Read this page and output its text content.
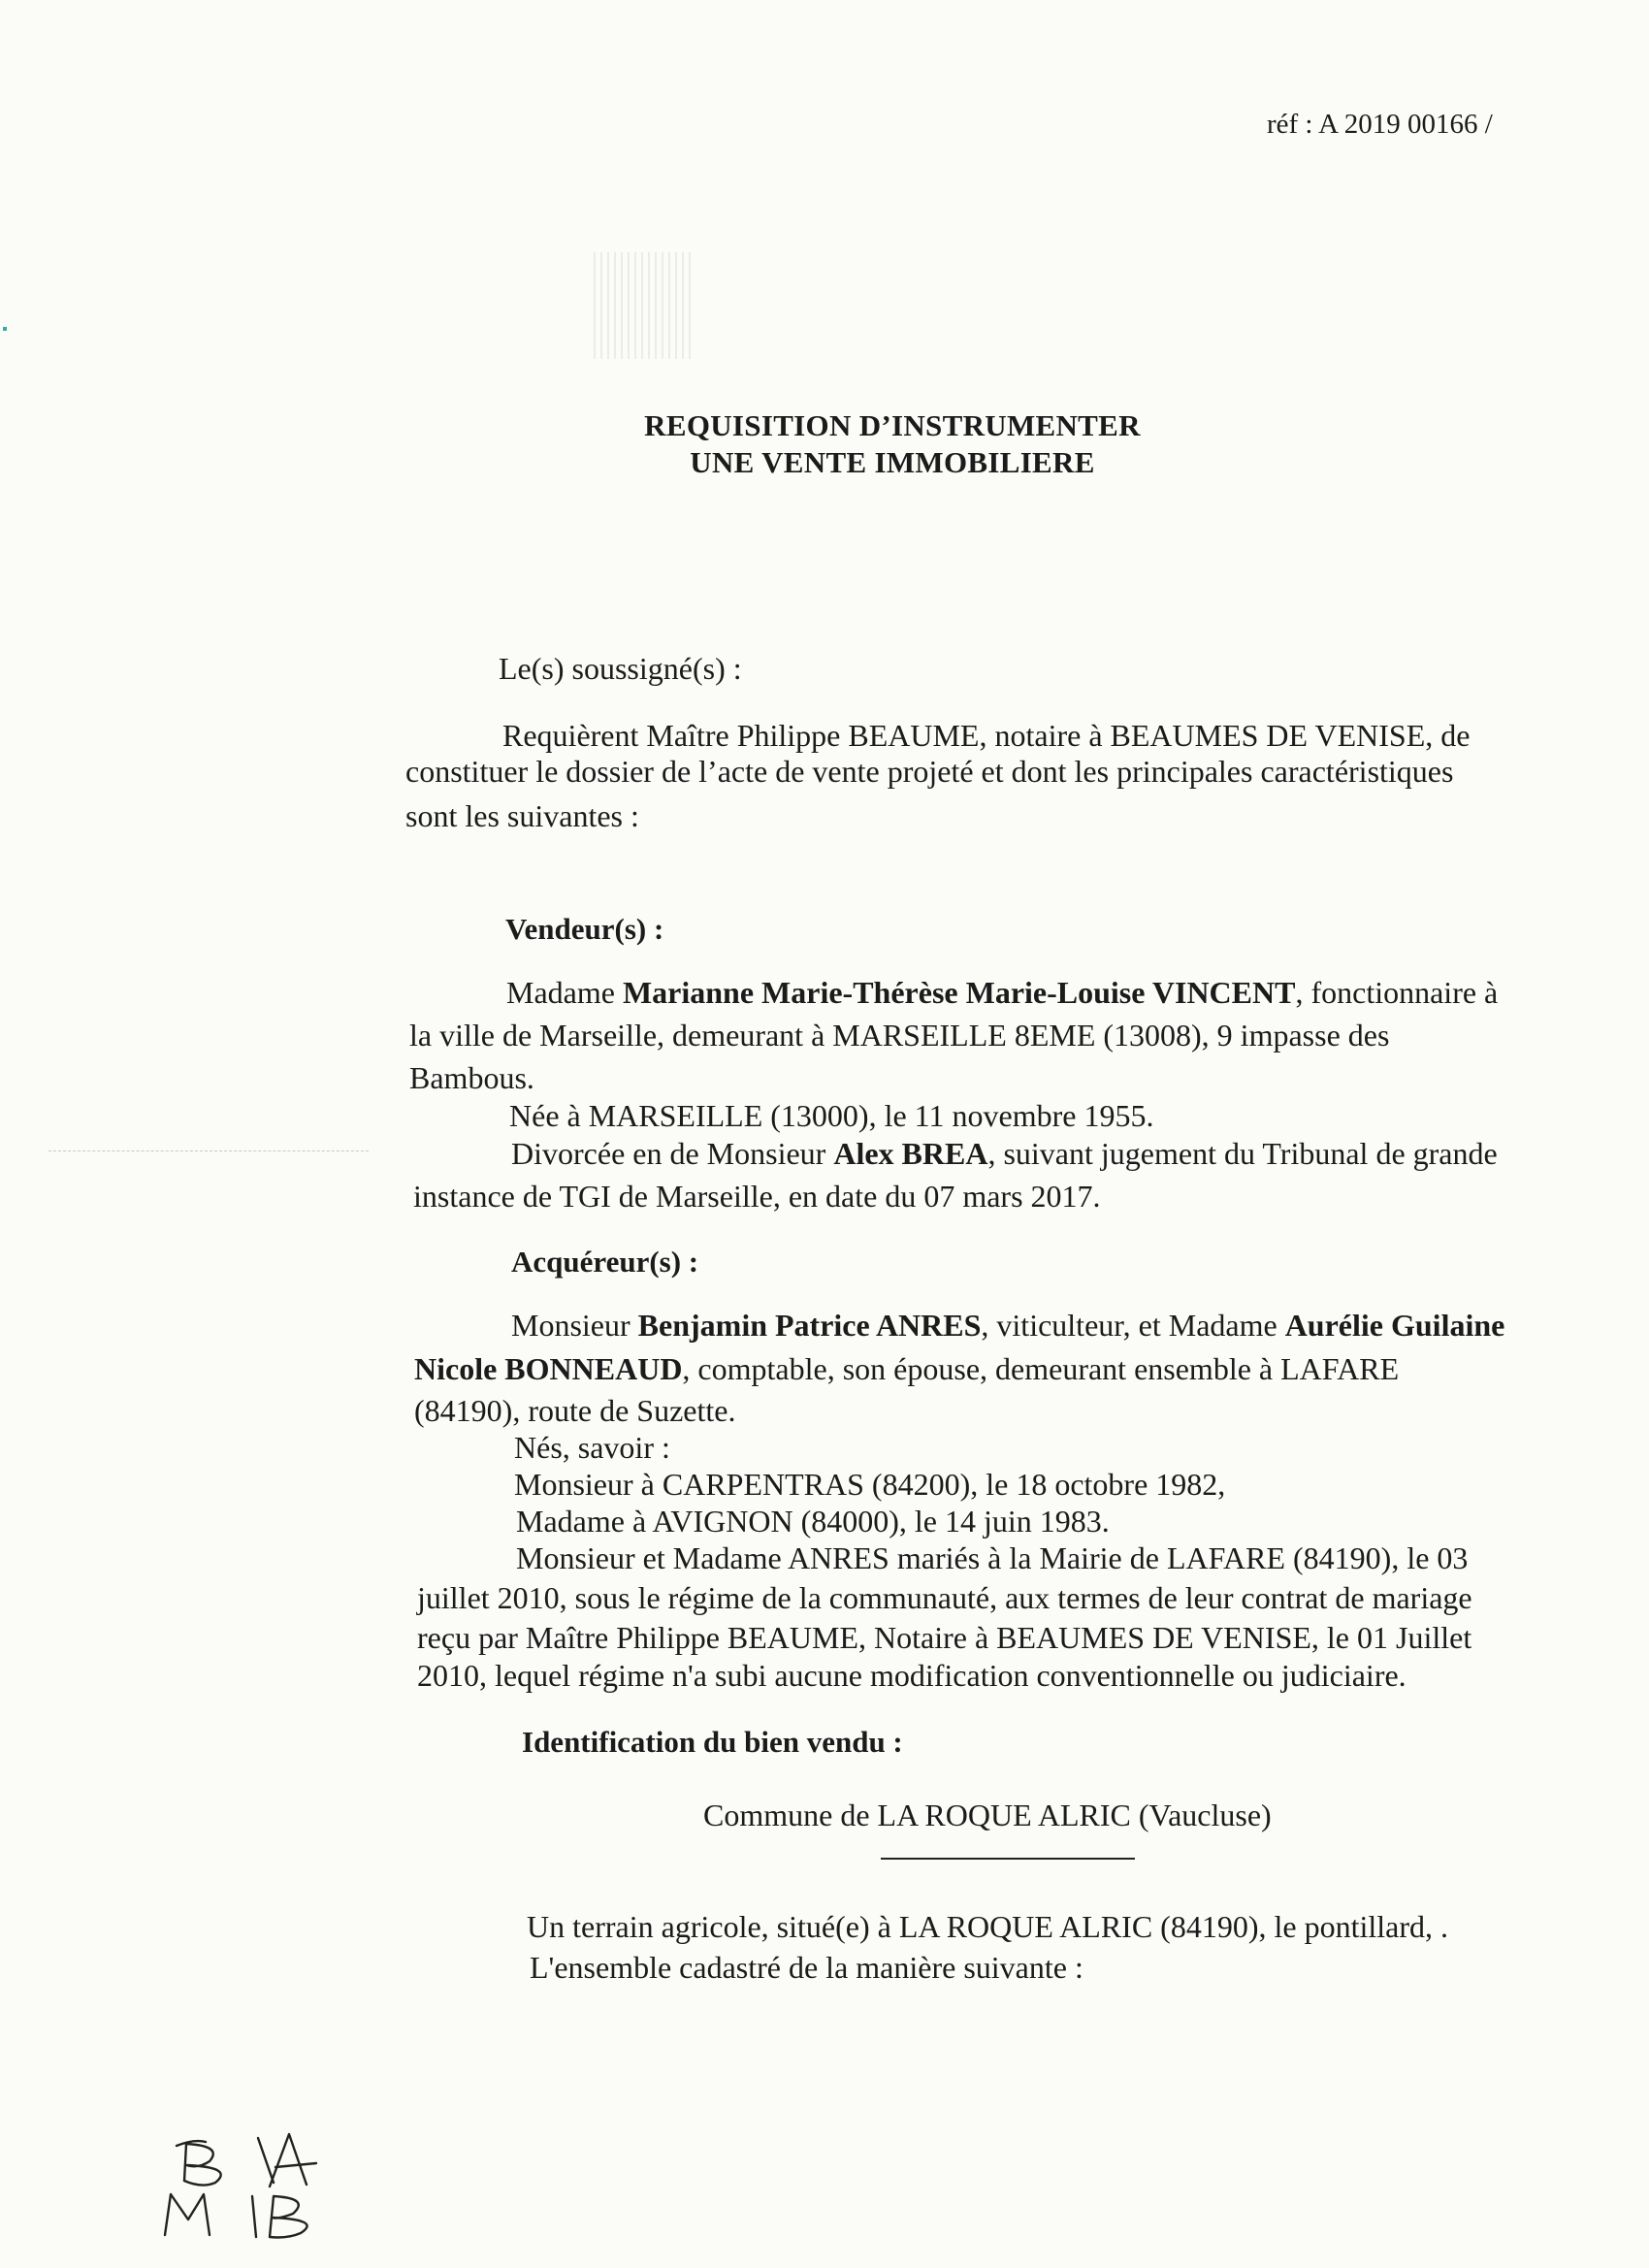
réf : A 2019 00166 /
REQUISITION D’INSTRUMENTER
UNE VENTE IMMOBILIERE
Le(s) soussigné(s) :
Requièrent Maître Philippe BEAUME, notaire à BEAUMES DE VENISE, de
constituer le dossier de l’acte de vente projeté et dont les principales caractéristiques
sont les suivantes :
Vendeur(s) :
Madame Marianne Marie-Thérèse Marie-Louise VINCENT, fonctionnaire à
la ville de Marseille, demeurant à MARSEILLE 8EME (13008), 9 impasse des
Bambous.
Née à MARSEILLE (13000), le 11 novembre 1955.
Divorcée en de Monsieur Alex BREA, suivant jugement du Tribunal de grande
instance de TGI de Marseille, en date du 07 mars 2017.
Acquéreur(s) :
Monsieur Benjamin Patrice ANRES, viticulteur, et Madame Aurélie Guilaine
Nicole BONNEAUD, comptable, son épouse, demeurant ensemble à LAFARE
(84190), route de Suzette.
Nés, savoir :
Monsieur à CARPENTRAS (84200), le 18 octobre 1982,
Madame à AVIGNON (84000), le 14 juin 1983.
Monsieur et Madame ANRES mariés à la Mairie de LAFARE (84190), le 03
juillet 2010, sous le régime de la communauté, aux termes de leur contrat de mariage
reçu par Maître Philippe BEAUME, Notaire à BEAUMES DE VENISE, le 01 Juillet
2010, lequel régime n'a subi aucune modification conventionnelle ou judiciaire.
Identification du bien vendu :
Commune de LA ROQUE ALRIC (Vaucluse)
Un terrain agricole, situé(e) à LA ROQUE ALRIC (84190), le pontillard, .
L'ensemble cadastré de la manière suivante :
